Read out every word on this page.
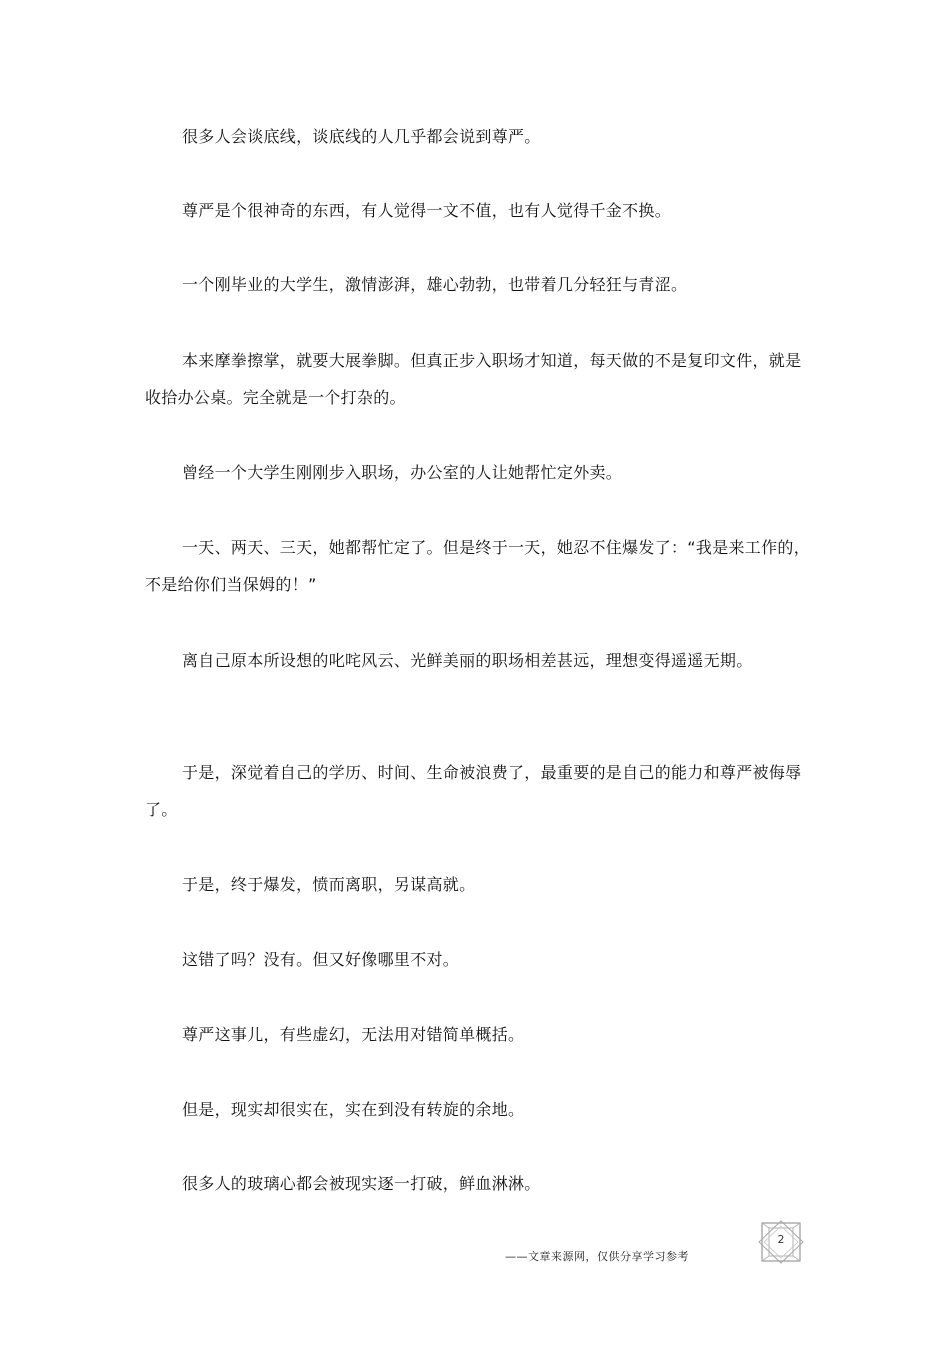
很多人会谈底线，谈底线的人几乎都会说到尊严。

尊严是个很神奇的东西，有人觉得一文不值，也有人觉得千金不换。

一个刚毕业的大学生，激情澎湃，雄心勃勃，也带着几分轻狂与青涩。

本来摩拳擦掌，就要大展拳脚。但真正步入职场才知道，每天做的不是复印文件，就是收拾办公桌。完全就是一个打杂的。

曾经一个大学生刚刚步入职场，办公室的人让她帮忙定外卖。

一天、两天、三天，她都帮忙定了。但是终于一天，她忍不住爆发了：“我是来工作的，不是给你们当保姆的！”

离自己原本所设想的叱咤风云、光鲜美丽的职场相差甚远，理想变得遥遥无期。

于是，深觉着自己的学历、时间、生命被浪费了，最重要的是自己的能力和尊严被侮辱了。

于是，终于爆发，愤而离职，另谋高就。

这错了吗？没有。但又好像哪里不对。

尊严这事儿，有些虚幻，无法用对错简单概括。

但是，现实却很实在，实在到没有转旋的余地。

很多人的玻璃心都会被现实逐一打破，鲜血淋淋。

——文章来源网，仅供分享学习参考
2
